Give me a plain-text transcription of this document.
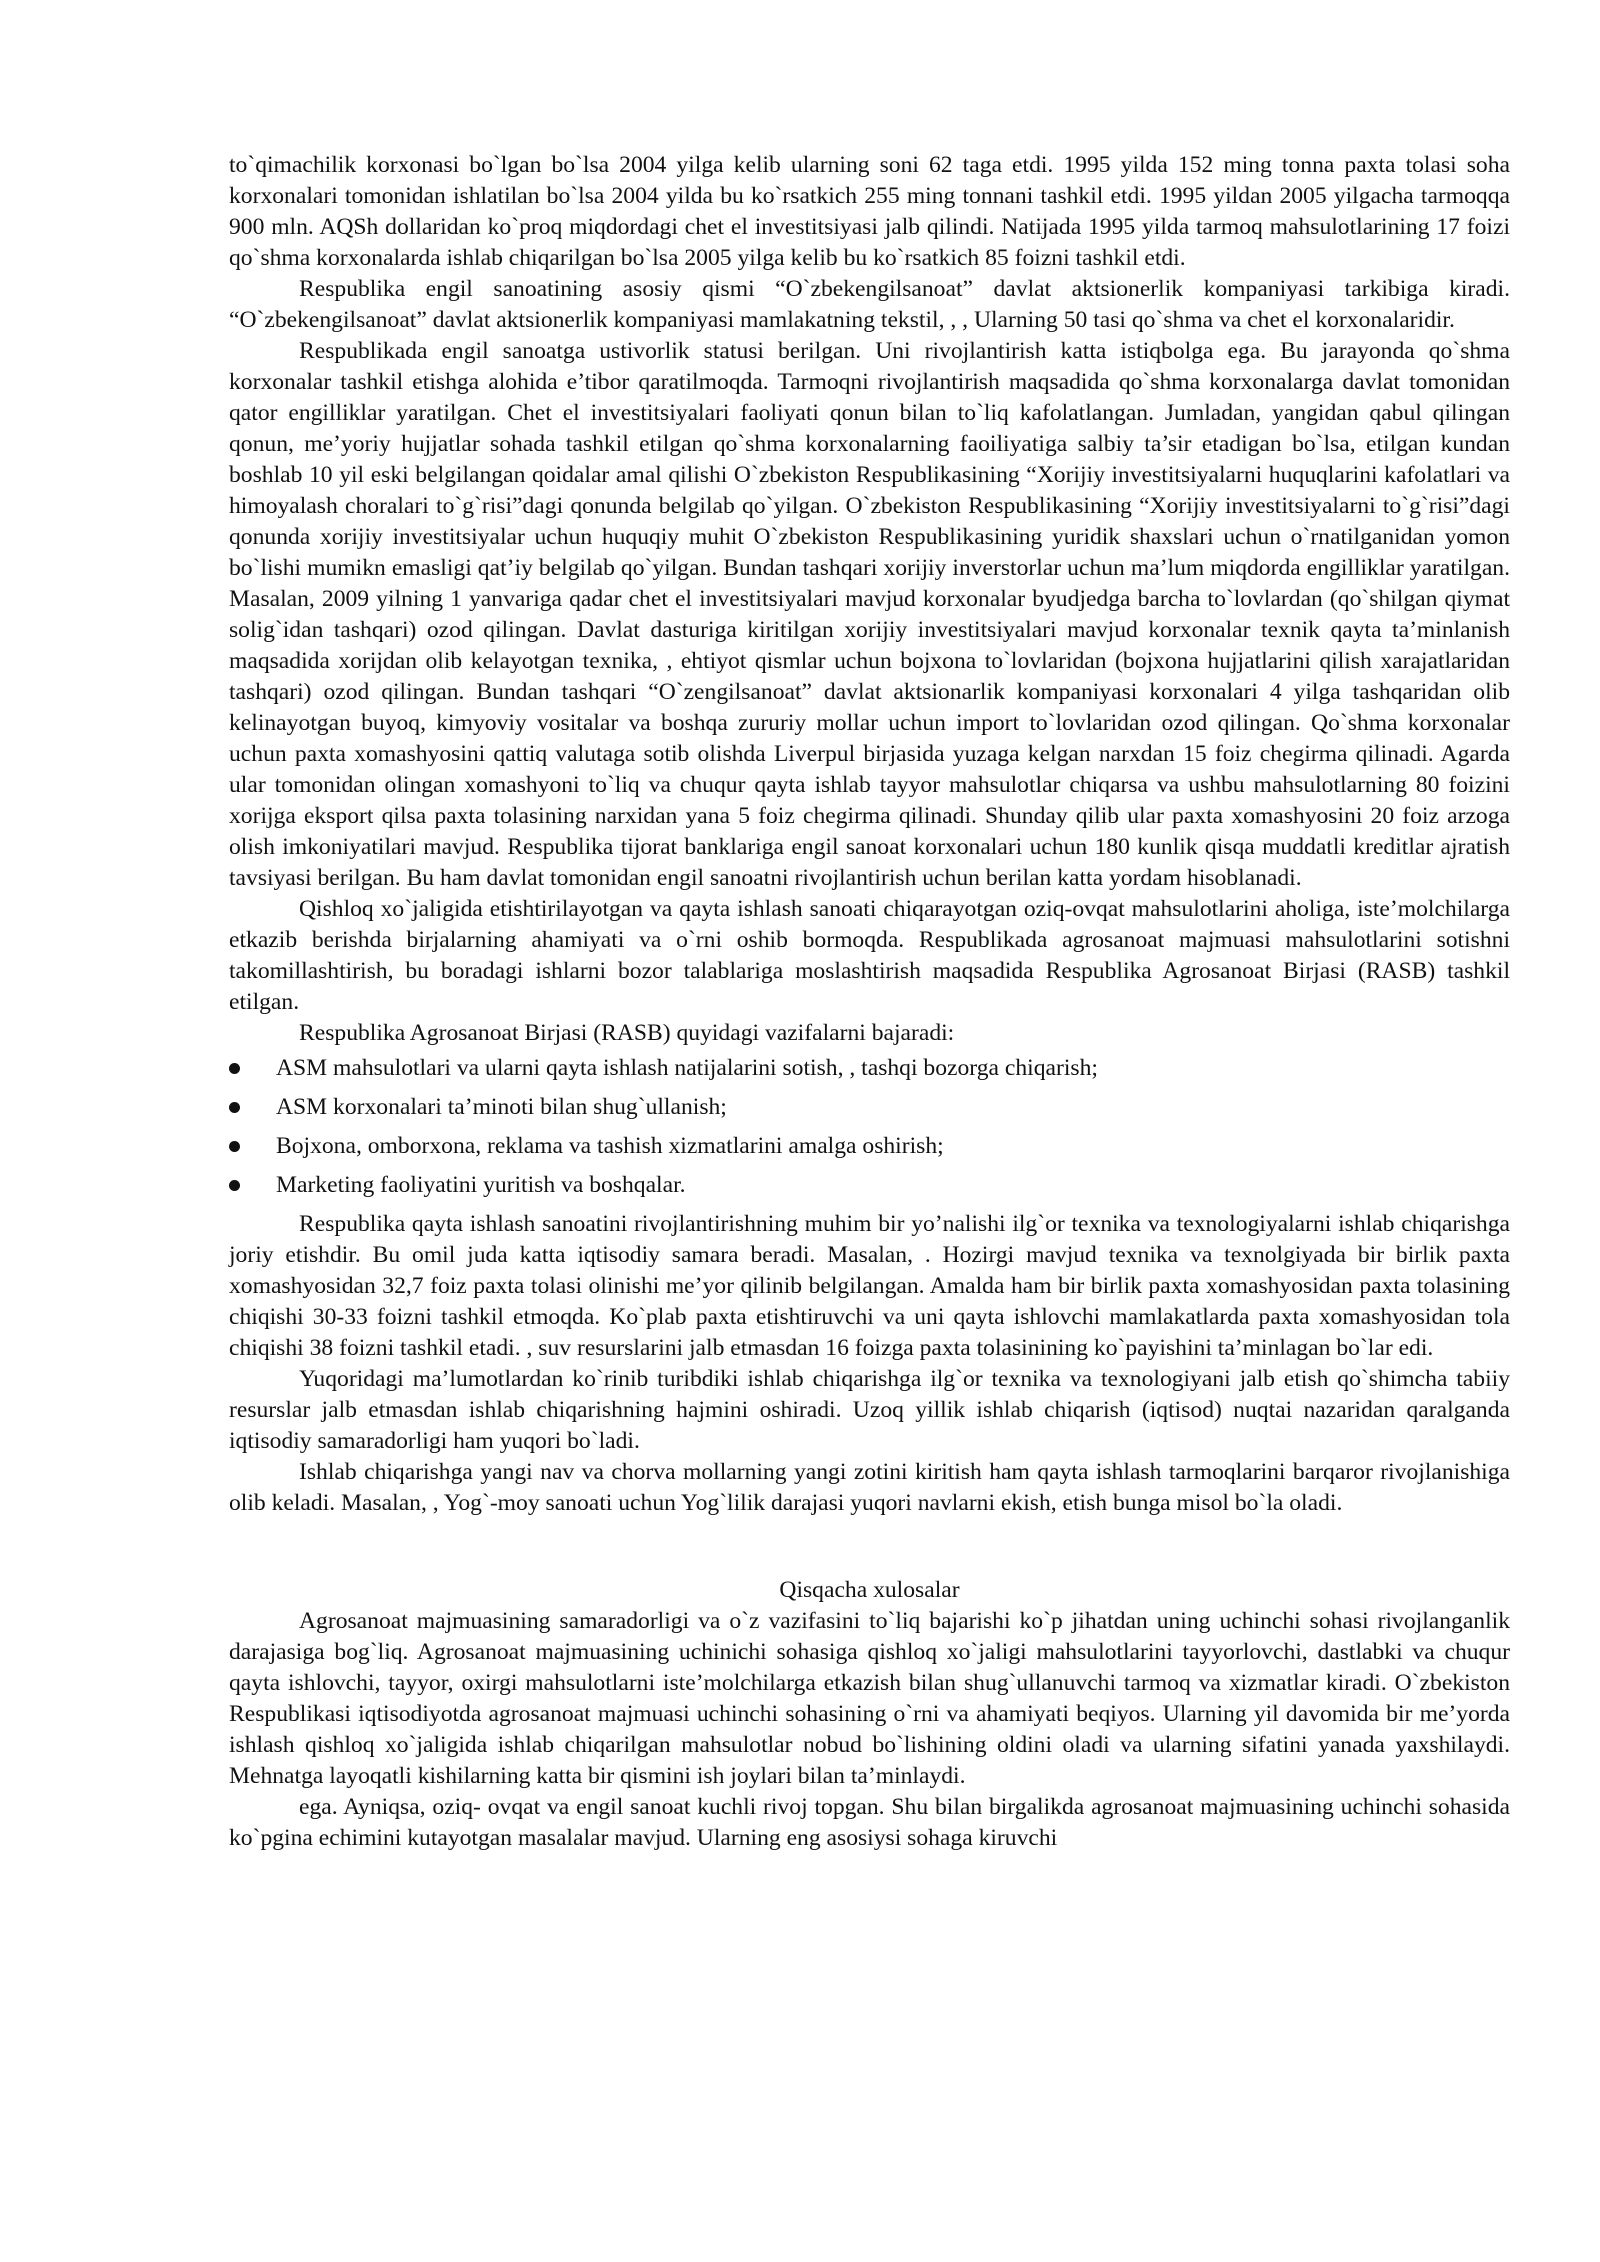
to`qimachilik korxonasi bo`lgan bo`lsa 2004 yilga kelib ularning soni 62 taga etdi. 1995 yilda 152 ming tonna paxta tolasi soha korxonalari tomonidan ishlatilan bo`lsa 2004 yilda bu ko`rsatkich 255 ming tonnani tashkil etdi. 1995 yildan 2005 yilgacha tarmoqqa 900 mln. AQSh dollaridan ko`proq miqdordagi chet el investitsiyasi jalb qilindi. Natijada 1995 yilda tarmoq mahsulotlarining 17 foizi qo`shma korxonalarda ishlab chiqarilgan bo`lsa 2005 yilga kelib bu ko`rsatkich 85 foizni tashkil etdi.

Respublika engil sanoatining asosiy qismi “O`zbekengilsanoat” davlat aktsionerlik kompaniyasi tarkibiga kiradi. “O`zbekengilsanoat” davlat aktsionerlik kompaniyasi mamlakatning tekstil, , , Ularning 50 tasi qo`shma va chet el korxonalaridir.

Respublikada engil sanoatga ustivorlik statusi berilgan. Uni rivojlantirish katta istiqbolga ega. Bu jarayonda qo`shma korxonalar tashkil etishga alohida e’tibor qaratilmoqda. Tarmoqni rivojlantirish maqsadida qo`shma korxonalarga davlat tomonidan qator engilliklar yaratilgan. Chet el investitsiyalari faoliyati qonun bilan to`liq kafolatlangan. Jumladan, yangidan qabul qilingan qonun, me’yoriy hujjatlar sohada tashkil etilgan qo`shma korxonalarning faoiliyatiga salbiy ta’sir etadigan bo`lsa, etilgan kundan boshlab 10 yil eski belgilangan qoidalar amal qilishi O`zbekiston Respublikasining “Xorijiy investitsiyalarni huquqlarini kafolatlari va himoyalash choralari to`g`risi”dagi qonunda belgilab qo`yilgan. O`zbekiston Respublikasining “Xorijiy investitsiyalarni to`g`risi”dagi qonunda xorijiy investitsiyalar uchun huquqiy muhit O`zbekiston Respublikasining yuridik shaxslari uchun o`rnatilganidan yomon bo`lishi mumikn emasligi qat’iy belgilab qo`yilgan. Bundan tashqari xorijiy inverstorlar uchun ma’lum miqdorda engilliklar yaratilgan. Masalan, 2009 yilning 1 yanvariga qadar chet el investitsiyalari mavjud korxonalar byudjedga barcha to`lovlardan (qo`shilgan qiymat solig`idan tashqari) ozod qilingan. Davlat dasturiga kiritilgan xorijiy investitsiyalari mavjud korxonalar texnik qayta ta’minlanish maqsadida xorijdan olib kelayotgan texnika, , ehtiyot qismlar uchun bojxona to`lovlaridan (bojxona hujjatlarini qilish xarajatlaridan tashqari) ozod qilingan. Bundan tashqari “O`zengilsanoat” davlat aktsionarlik kompaniyasi korxonalari 4 yilga tashqaridan olib kelinayotgan buyoq, kimyoviy vositalar va boshqa zururiy mollar uchun import to`lovlaridan ozod qilingan. Qo`shma korxonalar uchun paxta xomashyosini qattiq valutaga sotib olishda Liverpul birjasida yuzaga kelgan narxdan 15 foiz chegirma qilinadi. Agarda ular tomonidan olingan xomashyoni to`liq va chuqur qayta ishlab tayyor mahsulotlar chiqarsa va ushbu mahsulotlarning 80 foizini xorijga eksport qilsa paxta tolasining narxidan yana 5 foiz chegirma qilinadi. Shunday qilib ular paxta xomashyosini 20 foiz arzoga olish imkoniyatilari mavjud. Respublika tijorat banklariga engil sanoat korxonalari uchun 180 kunlik qisqa muddatli kreditlar ajratish tavsiyasi berilgan. Bu ham davlat tomonidan engil sanoatni rivojlantirish uchun berilan katta yordam hisoblanadi.

Qishloq xo`jaligida etishtirilayotgan va qayta ishlash sanoati chiqarayotgan oziq-ovqat mahsulotlarini aholiga, iste’molchilarga etkazib berishda birjalarning ahamiyati va o`rni oshib bormoqda. Respublikada agrosanoat majmuasi mahsulotlarini sotishni takomillashtirish, bu boradagi ishlarni bozor talablariga moslashtirish maqsadida Respublika Agrosanoat Birjasi (RASB) tashkil etilgan.

Respublika Agrosanoat Birjasi (RASB) quyidagi vazifalarni bajaradi:

ASM mahsulotlari va ularni qayta ishlash natijalarini sotish, , tashqi bozorga chiqarish;
ASM korxonalari ta’minoti bilan shug`ullanish;
Bojxona, omborxona, reklama va tashish xizmatlarini amalga oshirish;
Marketing faoliyatini yuritish va boshqalar.

Respublika qayta ishlash sanoatini rivojlantirishning muhim bir yo’nalishi ilg`or texnika va texnologiyalarni ishlab chiqarishga joriy etishdir. Bu omil juda katta iqtisodiy samara beradi. Masalan, . Hozirgi mavjud texnika va texnolgiyada bir birlik paxta xomashyosidan 32,7 foiz paxta tolasi olinishi me’yor qilinib belgilangan. Amalda ham bir birlik paxta xomashyosidan paxta tolasining chiqishi 30-33 foizni tashkil etmoqda. Ko`plab paxta etishtiruvchi va uni qayta ishlovchi mamlakatlarda paxta xomashyosidan tola chiqishi 38 foizni tashkil etadi. , suv resurslarini jalb etmasdan 16 foizga paxta tolasinining ko`payishini ta’minlagan bo`lar edi.

Yuqoridagi ma’lumotlardan ko`rinib turibdiki ishlab chiqarishga ilg`or texnika va texnologiyani jalb etish qo`shimcha tabiiy resurslar jalb etmasdan ishlab chiqarishning hajmini oshiradi. Uzoq yillik ishlab chiqarish (iqtisod) nuqtai nazaridan qaralganda iqtisodiy samaradorligi ham yuqori bo`ladi.

Ishlab chiqarishga yangi nav va chorva mollarning yangi zotini kiritish ham qayta ishlash tarmoqlarini barqaror rivojlanishiga olib keladi. Masalan, , Yog`-moy sanoati uchun Yog`lilik darajasi yuqori navlarni ekish, etish bunga misol bo`la oladi.

Qisqacha xulosalar

Agrosanoat majmuasining samaradorligi va o`z vazifasini to`liq bajarishi ko`p jihatdan uning uchinchi sohasi rivojlanganlik darajasiga bog`liq. Agrosanoat majmuasining uchinichi sohasiga qishloq xo`jaligi mahsulotlarini tayyorlovchi, dastlabki va chuqur qayta ishlovchi, tayyor, oxirgi mahsulotlarni iste’molchilarga etkazish bilan shug`ullanuvchi tarmoq va xizmatlar kiradi. O`zbekiston Respublikasi iqtisodiyotda agrosanoat majmuasi uchinchi sohasining o`rni va ahamiyati beqiyos. Ularning yil davomida bir me’yorda ishlash qishloq xo`jaligida ishlab chiqarilgan mahsulotlar nobud bo`lishining oldini oladi va ularning sifatini yanada yaxshilaydi. Mehnatga layoqatli kishilarning katta bir qismini ish joylari bilan ta’minlaydi.

ega. Ayniqsa, oziq- ovqat va engil sanoat kuchli rivoj topgan. Shu bilan birgalikda agrosanoat majmuasining uchinchi sohasida ko`pgina echimini kutayotgan masalalar mavjud. Ularning eng asosiysi sohaga kiruvchi
